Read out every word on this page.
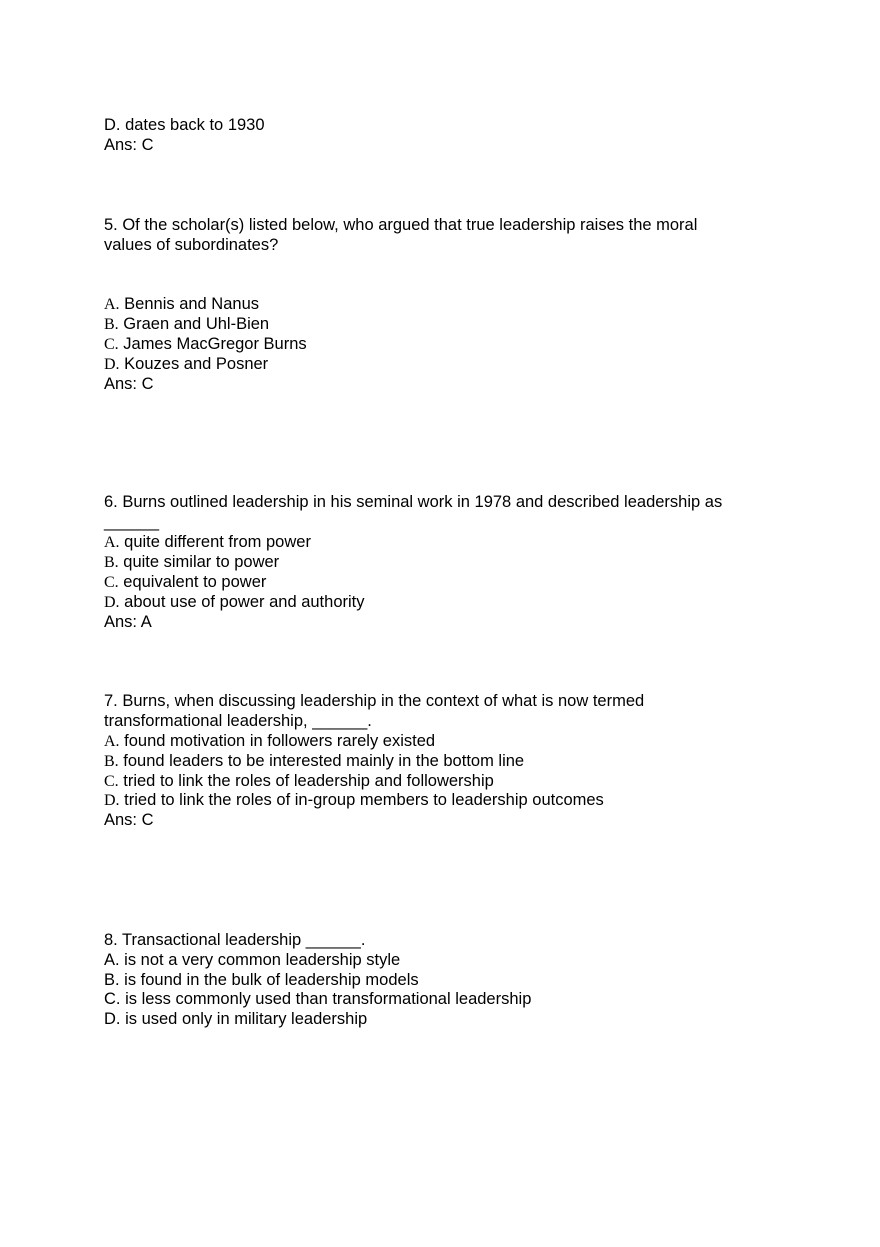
D. dates back to 1930
Ans: C
5. Of the scholar(s) listed below, who argued that true leadership raises the moral
values of subordinates?
A. Bennis and Nanus
B. Graen and Uhl-Bien
C. James MacGregor Burns
D. Kouzes and Posner
Ans: C
6. Burns outlined leadership in his seminal work in 1978 and described leadership as
______
A. quite different from power
B. quite similar to power
C. equivalent to power
D. about use of power and authority
Ans: A
7. Burns, when discussing leadership in the context of what is now termed
transformational leadership, ______.
A. found motivation in followers rarely existed
B. found leaders to be interested mainly in the bottom line
C. tried to link the roles of leadership and followership
D. tried to link the roles of in-group members to leadership outcomes
Ans: C
8. Transactional leadership ______.
A. is not a very common leadership style
B. is found in the bulk of leadership models
C. is less commonly used than transformational leadership
D. is used only in military leadership
